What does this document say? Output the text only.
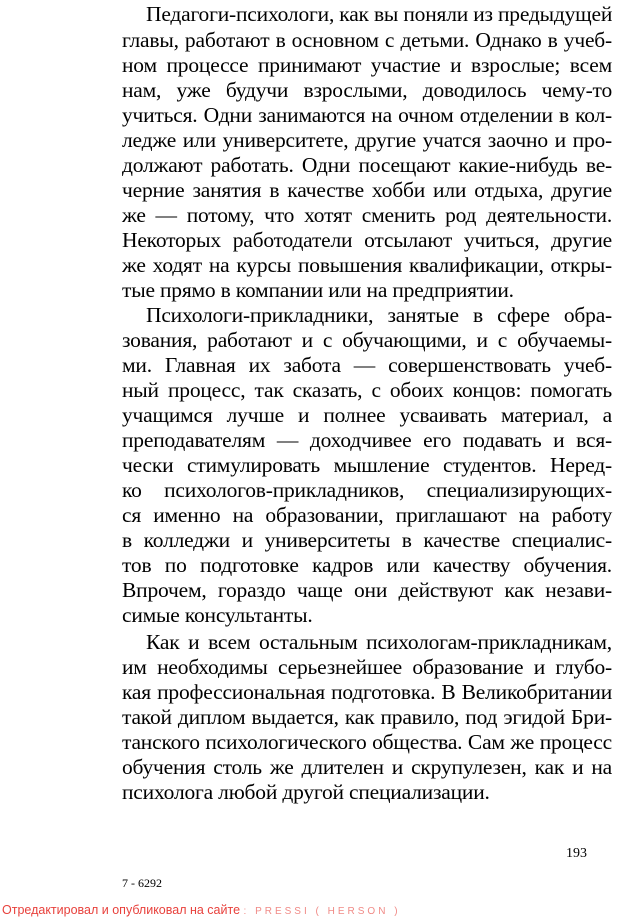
Педагоги-психологи, как вы поняли из предыдущей
главы, работают в основном с детьми. Однако в учеб-
ном процессе принимают участие и взрослые; всем
нам, уже будучи взрослыми, доводилось чему-то
учиться. Одни занимаются на очном отделении в кол-
ледже или университете, другие учатся заочно и про-
должают работать. Одни посещают какие-нибудь ве-
черние занятия в качестве хобби или отдыха, другие
же — потому, что хотят сменить род деятельности.
Некоторых работодатели отсылают учиться, другие
же ходят на курсы повышения квалификации, откры-
тые прямо в компании или на предприятии.
Психологи-прикладники, занятые в сфере обра-
зования, работают и с обучающими, и с обучаемы-
ми. Главная их забота — совершенствовать учеб-
ный процесс, так сказать, с обоих концов: помогать
учащимся лучше и полнее усваивать материал, а
преподавателям — доходчивее его подавать и вся-
чески стимулировать мышление студентов. Неред-
ко психологов-прикладников, специализирующих-
ся именно на образовании, приглашают на работу
в колледжи и университеты в качестве специалис-
тов по подготовке кадров или качеству обучения.
Впрочем, гораздо чаще они действуют как незави-
симые консультанты.
Как и всем остальным психологам-прикладникам,
им необходимы серьезнейшее образование и глубо-
кая профессиональная подготовка. В Великобритании
такой диплом выдается, как правило, под эгидой Бри-
танского психологического общества. Сам же процесс
обучения столь же длителен и скрупулезен, как и на
психолога любой другой специализации.
193
7 - 6292
Отредактировал и опубликовал на сайте : PRESSI ( HERSON )
